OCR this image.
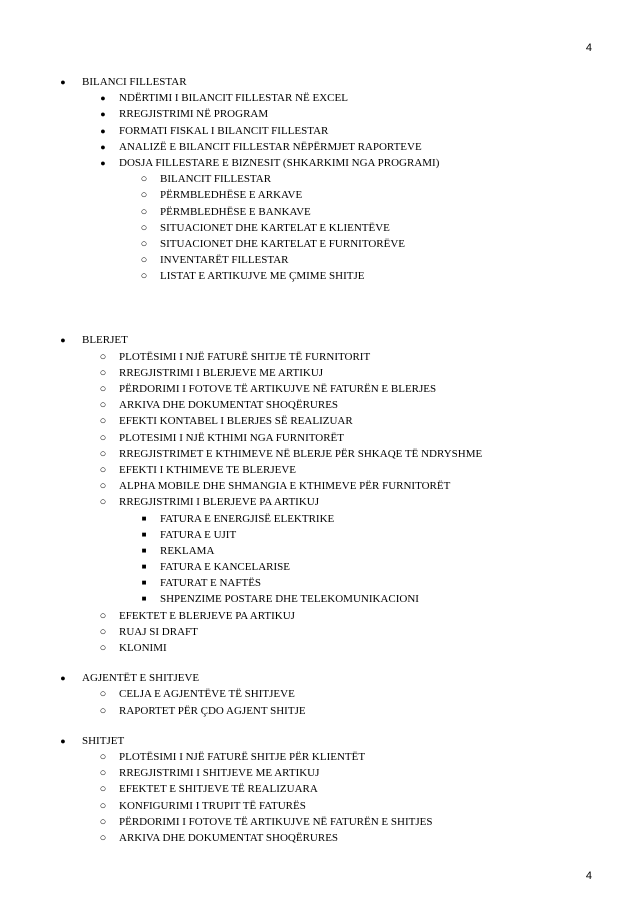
4
● BILANCI FILLESTAR
● NDËRTIMI I BILANCIT FILLESTAR NË EXCEL
● RREGJISTRIMI NË PROGRAM
● FORMATI FISKAL I BILANCIT FILLESTAR
● ANALIZË E BILANCIT FILLESTAR NËPËRMJET RAPORTEVE
● DOSJA FILLESTARE E BIZNESIT (SHKARKIMI NGA PROGRAMI)
○ BILANCIT FILLESTAR
○ PËRMBLEDHËSE E ARKAVE
○ PËRMBLEDHËSE E BANKAVE
○ SITUACIONET DHE KARTELAT E KLIENTËVE
○ SITUACIONET DHE KARTELAT E FURNITORËVE
○ INVENTARËT FILLESTAR
○ LISTAT E ARTIKUJVE ME ÇMIME SHITJE
● BLERJET
○ PLOTËSIMI I NJË FATURË SHITJE TË FURNITORIT
○ RREGJISTRIMI I BLERJEVE ME ARTIKUJ
○ PËRDORIMI I FOTOVE TË ARTIKUJVE NË FATURËN E BLERJES
○ ARKIVA DHE DOKUMENTAT SHOQËRURES
○ EFEKTI KONTABEL I BLERJES SË REALIZUAR
○ PLOTESIMI I NJË KTHIMI NGA FURNITORËT
○ RREGJISTRIMET E KTHIMEVE NË BLERJE PËR SHKAQE TË NDRYSHME
○ EFEKTI I KTHIMEVE TE BLERJEVE
○ ALPHA MOBILE DHE SHMANGIA E KTHIMEVE PËR FURNITORËT
○ RREGJISTRIMI I BLERJEVE PA ARTIKUJ
■	FATURA E ENERGJISË ELEKTRIKE
■	FATURA E UJIT
■	REKLAMA
■	FATURA E KANCELARISE
■	FATURAT E NAFTËS
■	SHPENZIME POSTARE DHE TELEKOMUNIKACIONI
○ EFEKTET E BLERJEVE PA ARTIKUJ
○ RUAJ SI DRAFT
○ KLONIMI
● AGJENTËT E SHITJEVE
○ CELJA E AGJENTËVE TË SHITJEVE
○ RAPORTET PËR ÇDO AGJENT SHITJE
● SHITJET
○ PLOTËSIMI I NJË FATURË SHITJE PËR KLIENTËT
○ RREGJISTRIMI I SHITJEVE ME ARTIKUJ
○ EFEKTET E SHITJEVE TË REALIZUARA
○ KONFIGURIMI I TRUPIT TË FATURËS
○ PËRDORIMI I FOTOVE TË ARTIKUJVE NË FATURËN E SHITJES
○ ARKIVA DHE DOKUMENTAT SHOQËRURES
4
